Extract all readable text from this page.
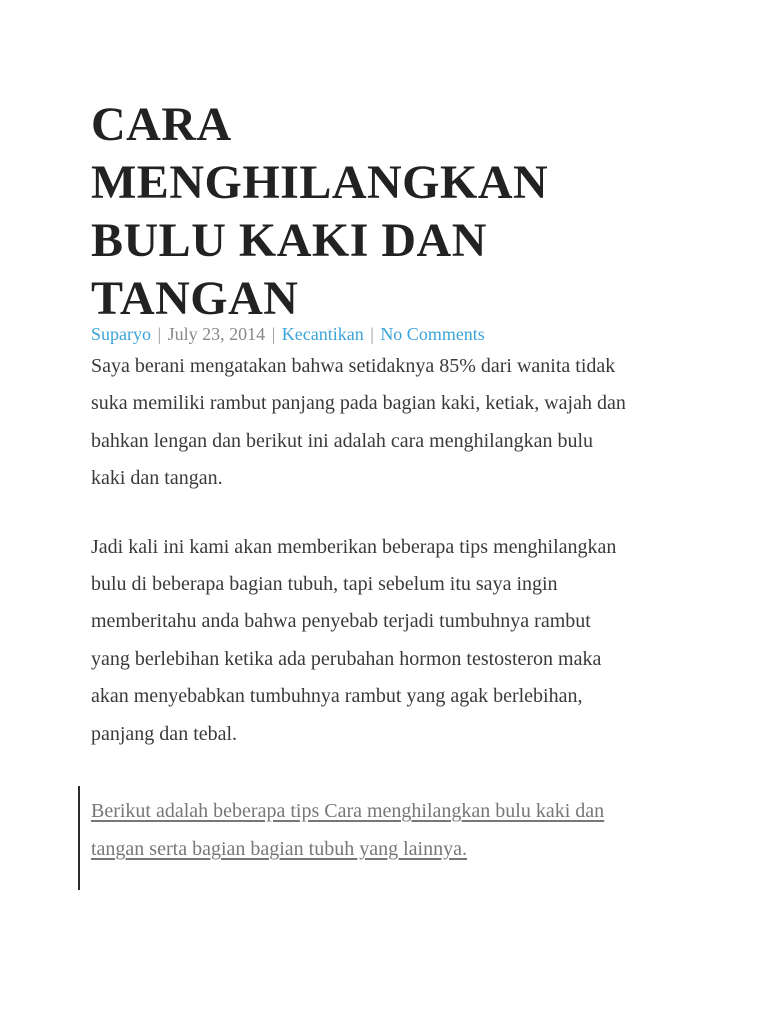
CARA
MENGHILANGKAN
BULU KAKI DAN
TANGAN
Suparyo | July 23, 2014 | Kecantikan | No Comments

Saya berani mengatakan bahwa setidaknya 85% dari wanita tidak
suka memiliki rambut panjang pada bagian kaki, ketiak, wajah dan
bahkan lengan dan berikut ini adalah cara menghilangkan bulu
kaki dan tangan.

Jadi kali ini kami akan memberikan beberapa tips menghilangkan
bulu di beberapa bagian tubuh, tapi sebelum itu saya ingin
memberitahu anda bahwa penyebab terjadi tumbuhnya rambut
yang berlebihan ketika ada perubahan hormon testosteron maka
akan menyebabkan tumbuhnya rambut yang agak berlebihan,
panjang dan tebal.

Berikut adalah beberapa tips Cara menghilangkan bulu kaki dan
tangan serta bagian bagian tubuh yang lainnya.
